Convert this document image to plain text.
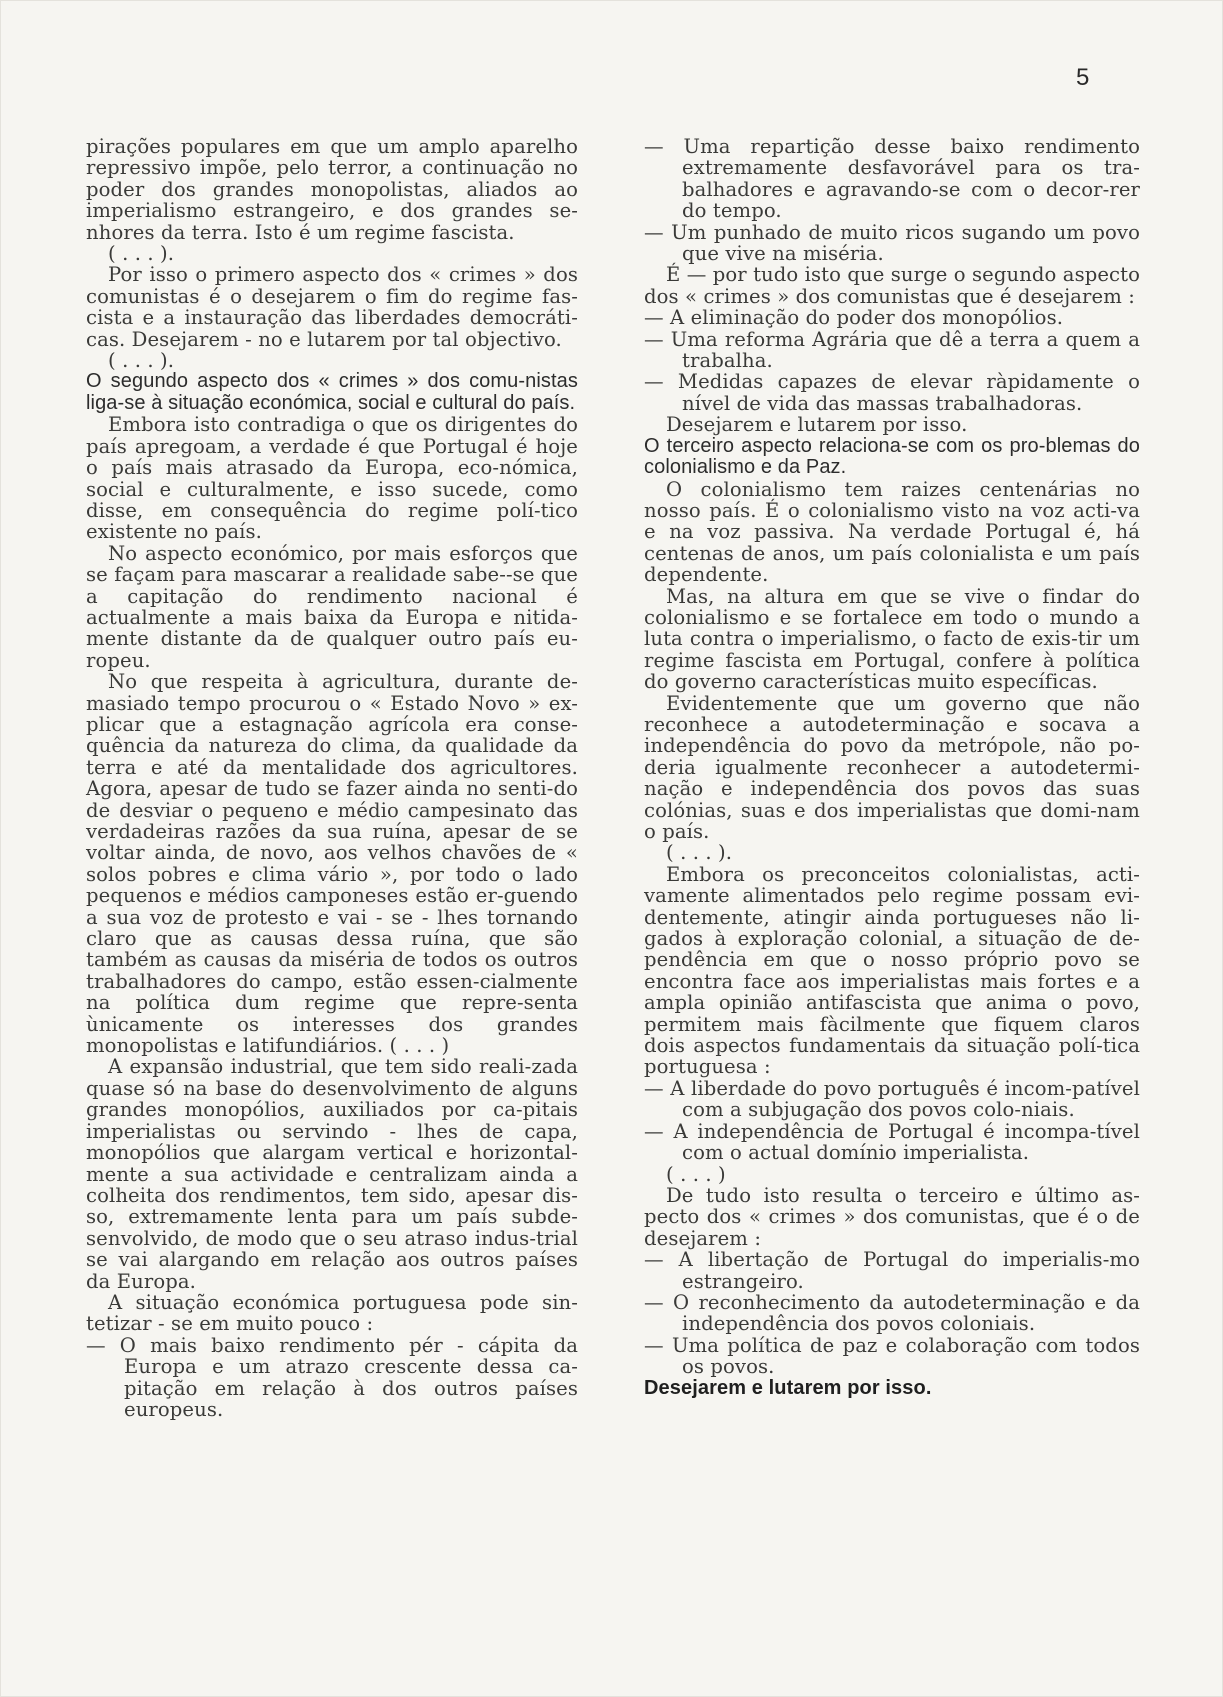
5

pirações populares em que um amplo aparelho repressivo impõe, pelo terror, a continuação no poder dos grandes monopolistas, aliados ao imperialismo estrangeiro, e dos grandes se-nhores da terra. Isto é um regime fascista.

( . . . ).

Por isso o primero aspecto dos « crimes » dos comunistas é o desejarem o fim do regime fas-cista e a instauração das liberdades democráti-cas. Desejarem - no e lutarem por tal objectivo.

( . . . ).

O segundo aspecto dos « crimes » dos comu-nistas liga-se à situação económica, social e cultural do país.

Embora isto contradiga o que os dirigentes do país apregoam, a verdade é que Portugal é hoje o país mais atrasado da Europa, eco-nómica, social e culturalmente, e isso sucede, como disse, em consequência do regime polí-tico existente no país.

No aspecto económico, por mais esforços que se façam para mascarar a realidade sabe--se que a capitação do rendimento nacional é actualmente a mais baixa da Europa e nitida-mente distante da de qualquer outro país eu-ropeu.

No que respeita à agricultura, durante de-masiado tempo procurou o « Estado Novo » ex-plicar que a estagnação agrícola era conse-quência da natureza do clima, da qualidade da terra e até da mentalidade dos agricultores. Agora, apesar de tudo se fazer ainda no senti-do de desviar o pequeno e médio campesinato das verdadeiras razões da sua ruína, apesar de se voltar ainda, de novo, aos velhos chavões de « solos pobres e clima vário », por todo o lado pequenos e médios camponeses estão er-guendo a sua voz de protesto e vai - se - lhes tornando claro que as causas dessa ruína, que são também as causas da miséria de todos os outros trabalhadores do campo, estão essen-cialmente na política dum regime que repre-senta ùnicamente os interesses dos grandes monopolistas e latifundiários. ( . . . )

A expansão industrial, que tem sido reali-zada quase só na base do desenvolvimento de alguns grandes monopólios, auxiliados por ca-pitais imperialistas ou servindo - lhes de capa, monopólios que alargam vertical e horizontal-mente a sua actividade e centralizam ainda a colheita dos rendimentos, tem sido, apesar dis-so, extremamente lenta para um país subde-senvolvido, de modo que o seu atraso indus-trial se vai alargando em relação aos outros países da Europa.

A situação económica portuguesa pode sin-tetizar - se em muito pouco :

— O mais baixo rendimento pér - cápita da Europa e um atrazo crescente dessa ca-pitação em relação à dos outros países europeus.

— Uma repartição desse baixo rendimento extremamente desfavorável para os tra-balhadores e agravando-se com o decor-rer do tempo.

— Um punhado de muito ricos sugando um povo que vive na miséria.

É — por tudo isto que surge o segundo aspecto dos « crimes » dos comunistas que é desejarem :

— A eliminação do poder dos monopólios.

— Uma reforma Agrária que dê a terra a quem a trabalha.

— Medidas capazes de elevar ràpidamente o nível de vida das massas trabalhadoras.

Desejarem e lutarem por isso.

O terceiro aspecto relaciona-se com os pro-blemas do colonialismo e da Paz.

O colonialismo tem raizes centenárias no nosso país. É o colonialismo visto na voz acti-va e na voz passiva. Na verdade Portugal é, há centenas de anos, um país colonialista e um país dependente.

Mas, na altura em que se vive o findar do colonialismo e se fortalece em todo o mundo a luta contra o imperialismo, o facto de exis-tir um regime fascista em Portugal, confere à política do governo características muito específicas.

Evidentemente que um governo que não reconhece a autodeterminação e socava a independência do povo da metrópole, não po-deria igualmente reconhecer a autodetermi-nação e independência dos povos das suas colónias, suas e dos imperialistas que domi-nam o país.

( . . . ).

Embora os preconceitos colonialistas, acti-vamente alimentados pelo regime possam evi-dentemente, atingir ainda portugueses não li-gados à exploração colonial, a situação de de-pendência em que o nosso próprio povo se encontra face aos imperialistas mais fortes e a ampla opinião antifascista que anima o povo, permitem mais fàcilmente que fiquem claros dois aspectos fundamentais da situação polí-tica portuguesa :

— A liberdade do povo português é incom-patível com a subjugação dos povos colo-niais.

— A independência de Portugal é incompa-tível com o actual domínio imperialista.

( . . . )

De tudo isto resulta o terceiro e último as-pecto dos « crimes » dos comunistas, que é o de desejarem :

— A libertação de Portugal do imperialis-mo estrangeiro.

— O reconhecimento da autodeterminação e da independência dos povos coloniais.

— Uma política de paz e colaboração com todos os povos.

Desejarem e lutarem por isso.
